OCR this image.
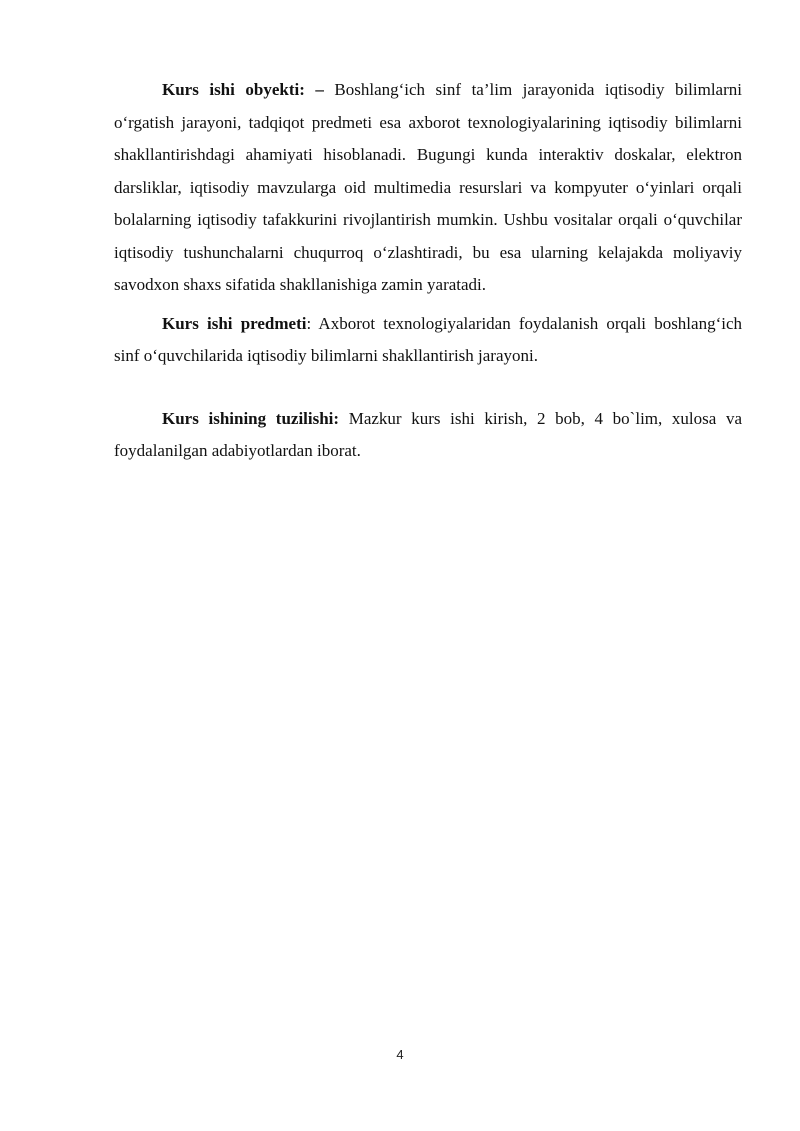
Kurs ishi obyekti: – Boshlang‘ich sinf ta’lim jarayonida iqtisodiy bilimlarni o‘rgatish jarayoni, tadqiqot predmeti esa axborot texnologiyalarining iqtisodiy bilimlarni shakllantirishdagi ahamiyati hisoblanadi. Bugungi kunda interaktiv doskalar, elektron darsliklar, iqtisodiy mavzularga oid multimedia resurslari va kompyuter o‘yinlari orqali bolalarning iqtisodiy tafakkurini rivojlantirish mumkin. Ushbu vositalar orqali o‘quvchilar iqtisodiy tushunchalarni chuqurroq o‘zlashtiradi, bu esa ularning kelajakda moliyaviy savodxon shaxs sifatida shakllanishiga zamin yaratadi.

Kurs ishi predmeti: Axborot texnologiyalaridan foydalanish orqali boshlang‘ich sinf o‘quvchilarida iqtisodiy bilimlarni shakllantirish jarayoni.

Kurs ishining tuzilishi: Mazkur kurs ishi kirish, 2 bob, 4 bo`lim, xulosa va foydalanilgan adabiyotlardan iborat.

4
